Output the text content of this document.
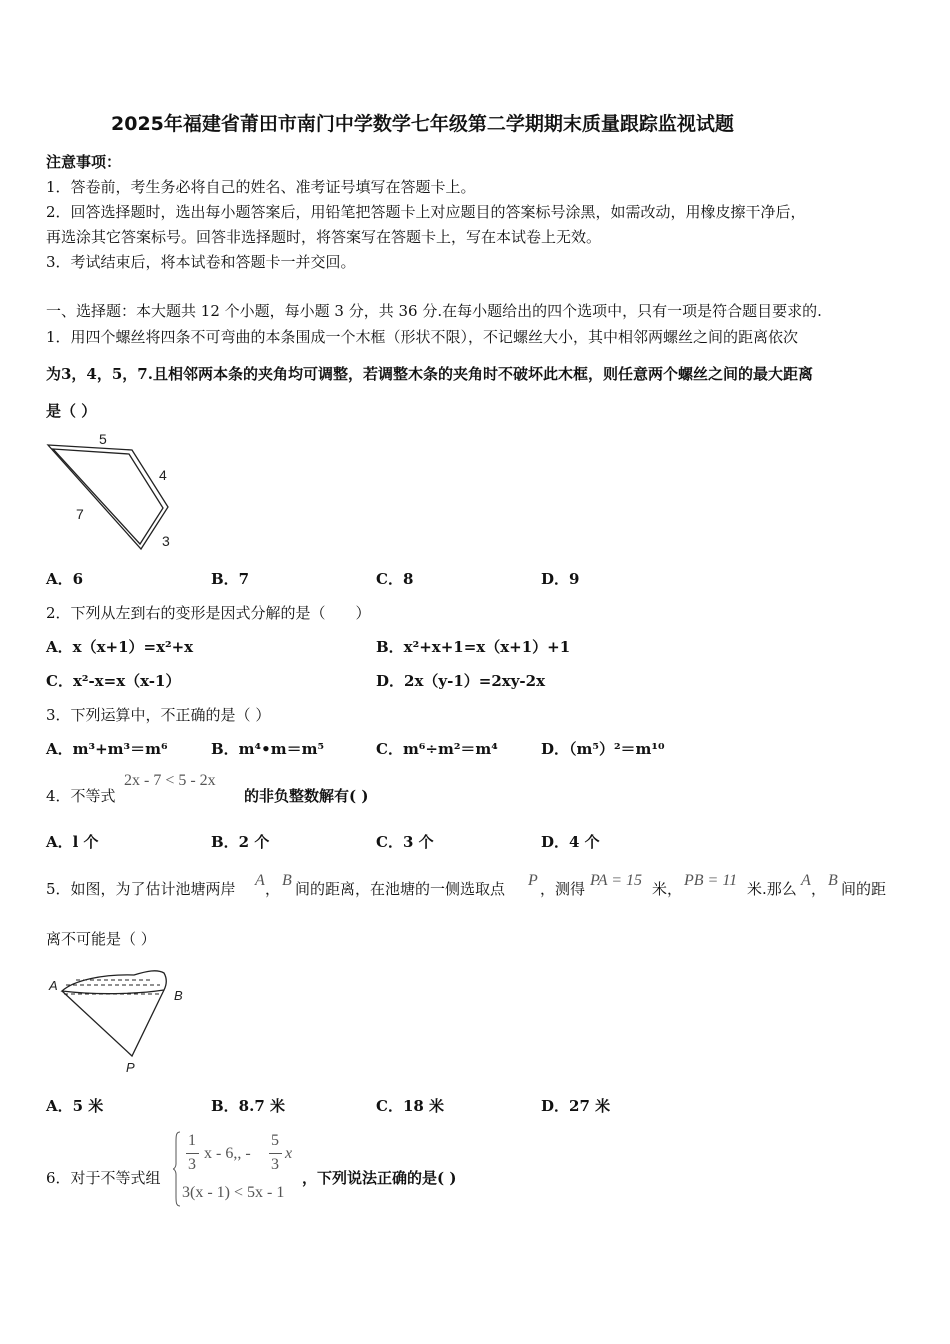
2025年福建省莆田市南门中学数学七年级第二学期期末质量跟踪监视试题
注意事项：
1．答卷前，考生务必将自己的姓名、准考证号填写在答题卡上。
2．回答选择题时，选出每小题答案后，用铅笔把答题卡上对应题目的答案标号涂黑，如需改动，用橡皮擦干净后，
再选涂其它答案标号。回答非选择题时，将答案写在答题卡上，写在本试卷上无效。
3．考试结束后，将本试卷和答题卡一并交回。
一、选择题：本大题共 12 个小题，每小题 3 分，共 36 分.在每小题给出的四个选项中，只有一项是符合题目要求的.
1．用四个螺丝将四条不可弯曲的本条围成一个木框（形状不限），不记螺丝大小，其中相邻两螺丝之间的距离依次
为3，4，5，7.且相邻两本条的夹角均可调整，若调整木条的夹角时不破坏此木框，则任意两个螺丝之间的最大距离
是（ ）
5
4
7
3
A．6	B．7	C．8	D．9
2．下列从左到右的变形是因式分解的是（　　）
A．x（x+1）=x²+x	B．x²+x+1=x（x+1）+1
C．x²-x=x（x-1）	D．2x（y-1）=2xy-2x
3．下列运算中，不正确的是（ ）
A．m³+m³＝m⁶	B．m⁴•m＝m⁵	C．m⁶÷m²＝m⁴	D．（m⁵）²＝m¹⁰
4．不等式
2x - 7 < 5 - 2x
的非负整数解有( )
A．l 个	B．2 个	C．3 个	D．4 个
5．如图，为了估计池塘两岸 A ， B 间的距离，在池塘的一侧选取点 P ，测得 PA = 15 米， PB = 11 米.那么 A ， B 间的距
离不可能是（ ）
A
B
P
A．5 米	B．8.7 米	C．18 米	D．27 米
6．对于不等式组
1
3
x - 6,, -
5
3
x
3(x - 1) < 5x - 1
，下列说法正确的是( )
